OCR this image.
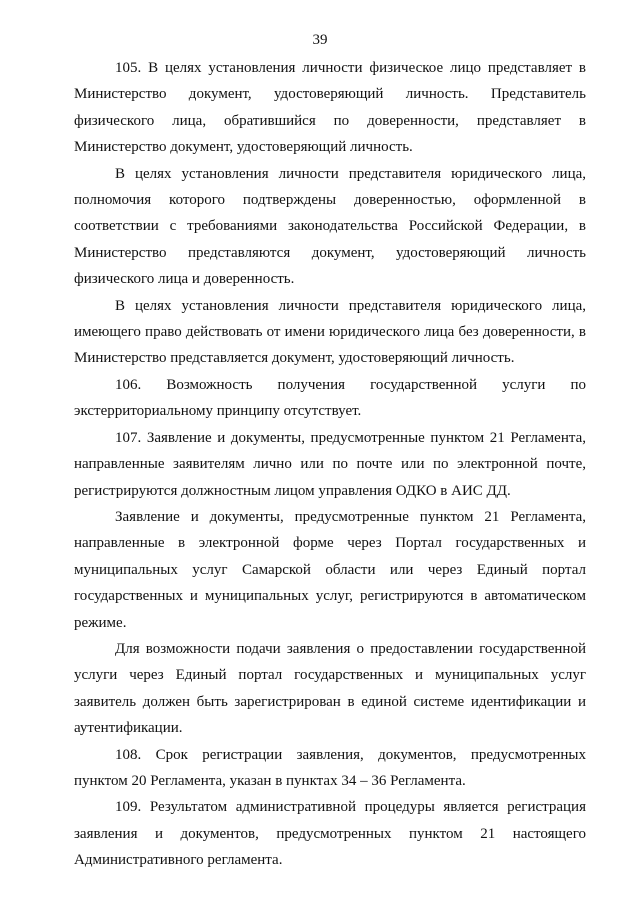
39
105. В целях установления личности физическое лицо представляет в
Министерство документ, удостоверяющий личность. Представитель
физического лица, обратившийся по доверенности, представляет в
Министерство документ, удостоверяющий личность.
В целях установления личности представителя юридического лица,
полномочия которого подтверждены доверенностью, оформленной в
соответствии с требованиями законодательства Российской Федерации, в
Министерство представляются документ, удостоверяющий личность
физического лица и доверенность.
В целях установления личности представителя юридического лица,
имеющего право действовать от имени юридического лица без доверенности, в
Министерство представляется документ, удостоверяющий личность.
106. Возможность получения государственной услуги по
экстерриториальному принципу отсутствует.
107. Заявление и документы, предусмотренные пунктом 21 Регламента,
направленные заявителям лично или по почте или по электронной почте,
регистрируются должностным лицом управления ОДКО в АИС ДД.
Заявление и документы, предусмотренные пунктом 21 Регламента,
направленные в электронной форме через Портал государственных и
муниципальных услуг Самарской области или через Единый портал
государственных и муниципальных услуг, регистрируются в автоматическом
режиме.
Для возможности подачи заявления о предоставлении государственной
услуги через Единый портал государственных и муниципальных услуг
заявитель должен быть зарегистрирован в единой системе идентификации и
аутентификации.
108. Срок регистрации заявления, документов, предусмотренных
пунктом 20 Регламента, указан в пунктах 34 – 36 Регламента.
109. Результатом административной процедуры является регистрация
заявления и документов, предусмотренных пунктом 21 настоящего
Административного регламента.
